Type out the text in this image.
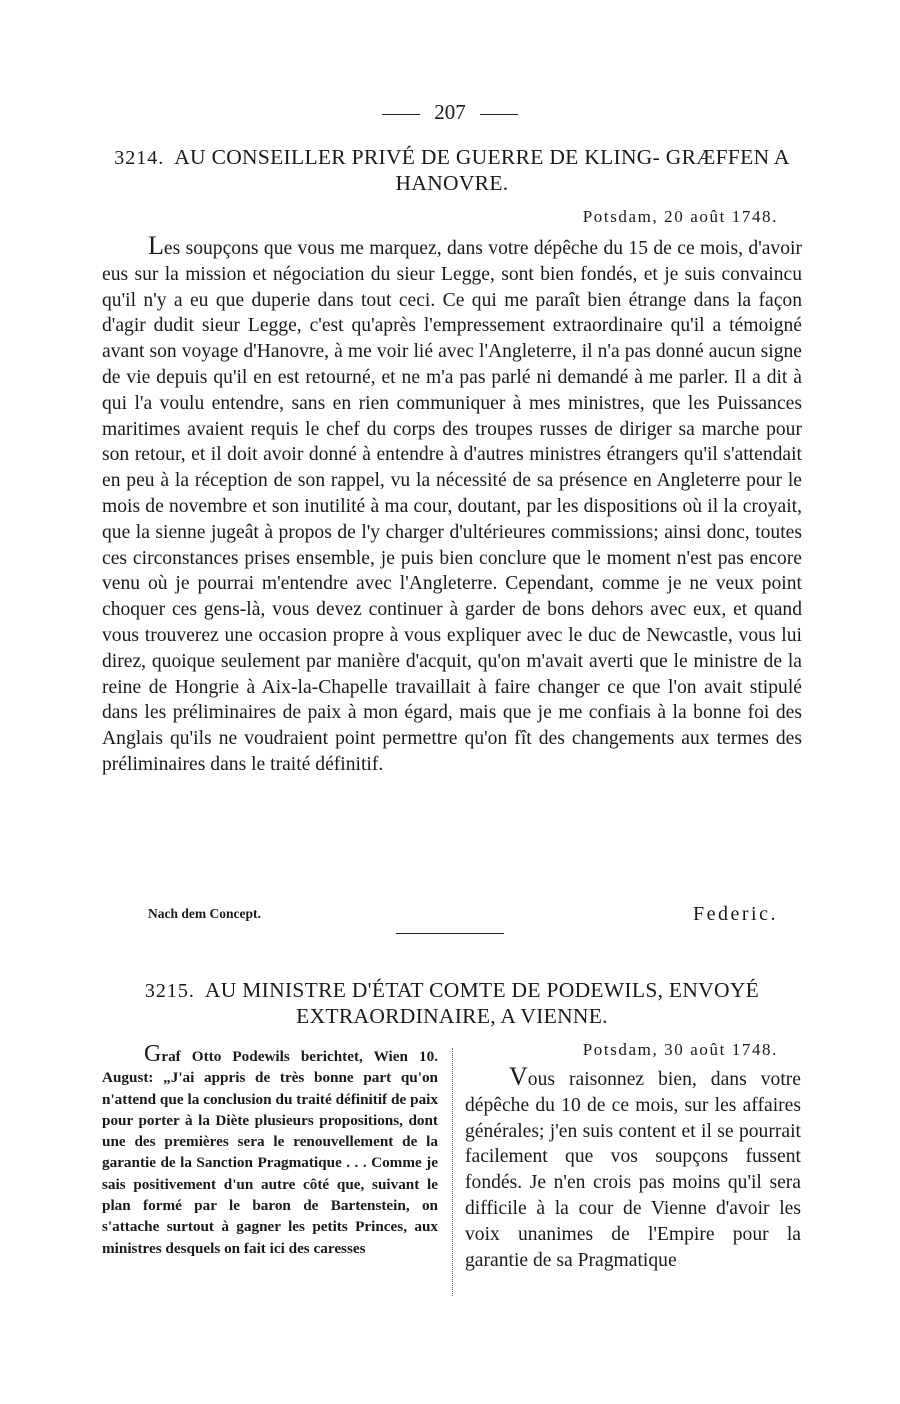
207
3214. AU CONSEILLER PRIVÉ DE GUERRE DE KLING- GRÆFFEN A HANOVRE.
Potsdam, 20 août 1748.

Les soupçons que vous me marquez, dans votre dépêche du 15 de ce mois, d'avoir eus sur la mission et négociation du sieur Legge, sont bien fondés, et je suis convaincu qu'il n'y a eu que duperie dans tout ceci. Ce qui me paraît bien étrange dans la façon d'agir dudit sieur Legge, c'est qu'après l'empressement extraordinaire qu'il a témoigné avant son voyage d'Hanovre, à me voir lié avec l'Angleterre, il n'a pas donné aucun signe de vie depuis qu'il en est retourné, et ne m'a pas parlé ni demandé à me parler. Il a dit à qui l'a voulu entendre, sans en rien communiquer à mes ministres, que les Puissances maritimes avaient requis le chef du corps des troupes russes de diriger sa marche pour son retour, et il doit avoir donné à entendre à d'autres ministres étrangers qu'il s'attendait en peu à la réception de son rappel, vu la nécessité de sa présence en Angleterre pour le mois de novembre et son inutilité à ma cour, doutant, par les dispositions où il la croyait, que la sienne jugeât à propos de l'y charger d'ultérieures commissions; ainsi donc, toutes ces circonstances prises ensemble, je puis bien conclure que le moment n'est pas encore venu où je pourrai m'entendre avec l'Angleterre. Cependant, comme je ne veux point choquer ces gens-là, vous devez continuer à garder de bons dehors avec eux, et quand vous trouverez une occasion propre à vous expliquer avec le duc de Newcastle, vous lui direz, quoique seulement par manière d'acquit, qu'on m'avait averti que le ministre de la reine de Hongrie à Aix-la-Chapelle travaillait à faire changer ce que l'on avait stipulé dans les préliminaires de paix à mon égard, mais que je me confiais à la bonne foi des Anglais qu'ils ne voudraient point permettre qu'on fît des changements aux termes des préliminaires dans le traité définitif.

Nach dem Concept.	Federic.
3215. AU MINISTRE D'ÉTAT COMTE DE PODEWILS, ENVOYÉ EXTRAORDINAIRE, A VIENNE.

Graf Otto Podewils berichtet, Wien 10. August: „J'ai appris de très bonne part qu'on n'attend que la conclusion du traité définitif de paix pour porter à la Diète plusieurs propositions, dont une des premières sera le renouvellement de la garantie de la Sanction Pragmatique . . . Comme je sais positivement d'un autre côté que, suivant le plan formé par le baron de Bartenstein, on s'attache surtout à gagner les petits Princes, aux ministres desquels on fait ici des caresses

Potsdam, 30 août 1748.

Vous raisonnez bien, dans votre dépêche du 10 de ce mois, sur les affaires générales; j'en suis content et il se pourrait facilement que vos soupçons fussent fondés. Je n'en crois pas moins qu'il sera difficile à la cour de Vienne d'avoir les voix unanimes de l'Empire pour la garantie de sa Pragmatique
